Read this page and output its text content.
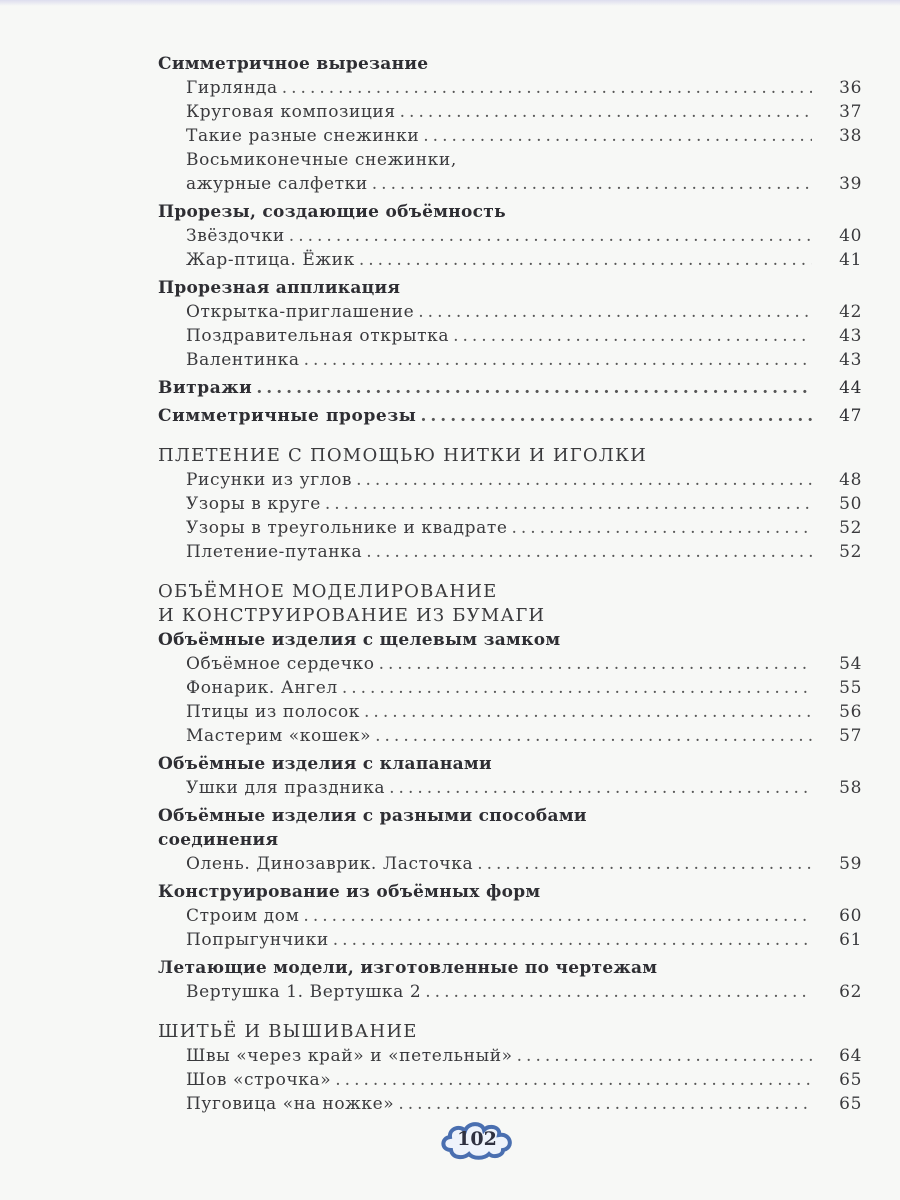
Симметричное вырезание
Гирлянда .....	36
Круговая композиция .....	37
Такие разные снежинки .....	38
Восьмиконечные снежинки,
ажурные салфетки .....	39
Прорезы, создающие объёмность
Звёздочки .....	40
Жар-птица. Ёжик .....	41
Прорезная аппликация
Открытка-приглашение .....	42
Поздравительная открытка .....	43
Валентинка .....	43
Витражи .....	44
Симметричные прорезы .....	47
ПЛЕТЕНИЕ С ПОМОЩЬЮ НИТКИ И ИГОЛКИ
Рисунки из углов .....	48
Узоры в круге .....	50
Узоры в треугольнике и квадрате .....	52
Плетение-путанка .....	52
ОБЪЁМНОЕ МОДЕЛИРОВАНИЕ
И КОНСТРУИРОВАНИЕ ИЗ БУМАГИ
Объёмные изделия с щелевым замком
Объёмное сердечко .....	54
Фонарик. Ангел .....	55
Птицы из полосок .....	56
Мастерим «кошек» .....	57
Объёмные изделия с клапанами
Ушки для праздника .....	58
Объёмные изделия с разными способами
соединения
Олень. Динозаврик. Ласточка .....	59
Конструирование из объёмных форм
Строим дом .....	60
Попрыгунчики .....	61
Летающие модели, изготовленные по чертежам
Вертушка 1. Вертушка 2 .....	62
ШИТЬЁ И ВЫШИВАНИЕ
Швы «через край» и «петельный» .....	64
Шов «строчка» .....	65
Пуговица «на ножке» .....	65
102
